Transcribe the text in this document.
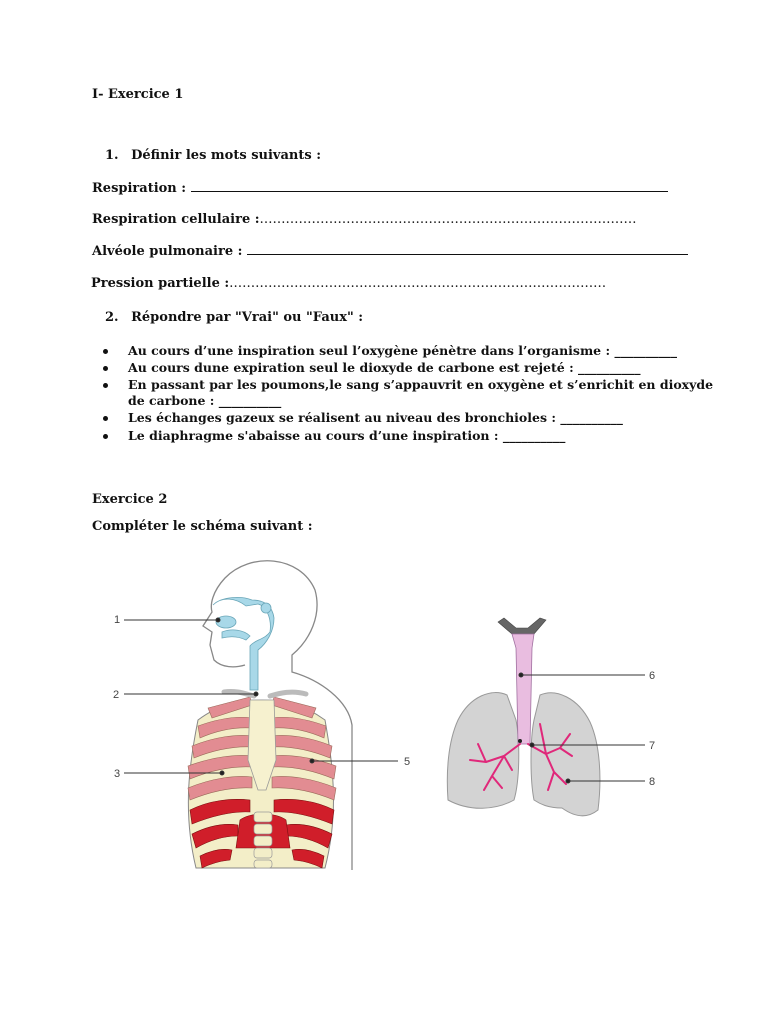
I- Exercice 1
1. Définir les mots suivants :
Respiration :
Respiration cellulaire :……………………………………………………………………………
Alvéole pulmonaire :
Pression partielle :……………………………………………………………………………
2. Répondre par "Vrai" ou "Faux" :
Au cours d’une inspiration seul l’oxygène pénètre dans l’organisme : __________
Au cours dune expiration seul le dioxyde de carbone est rejeté : __________
En passant par les poumons,le sang s’appauvrit en oxygène et s’enrichit en dioxyde
de carbone : __________
Les échanges gazeux se réalisent au niveau des bronchioles : __________
Le diaphragme s'abaisse au cours d’une inspiration : __________
Exercice 2
Compléter le schéma suivant :
1
2
3
5
6
7
8
